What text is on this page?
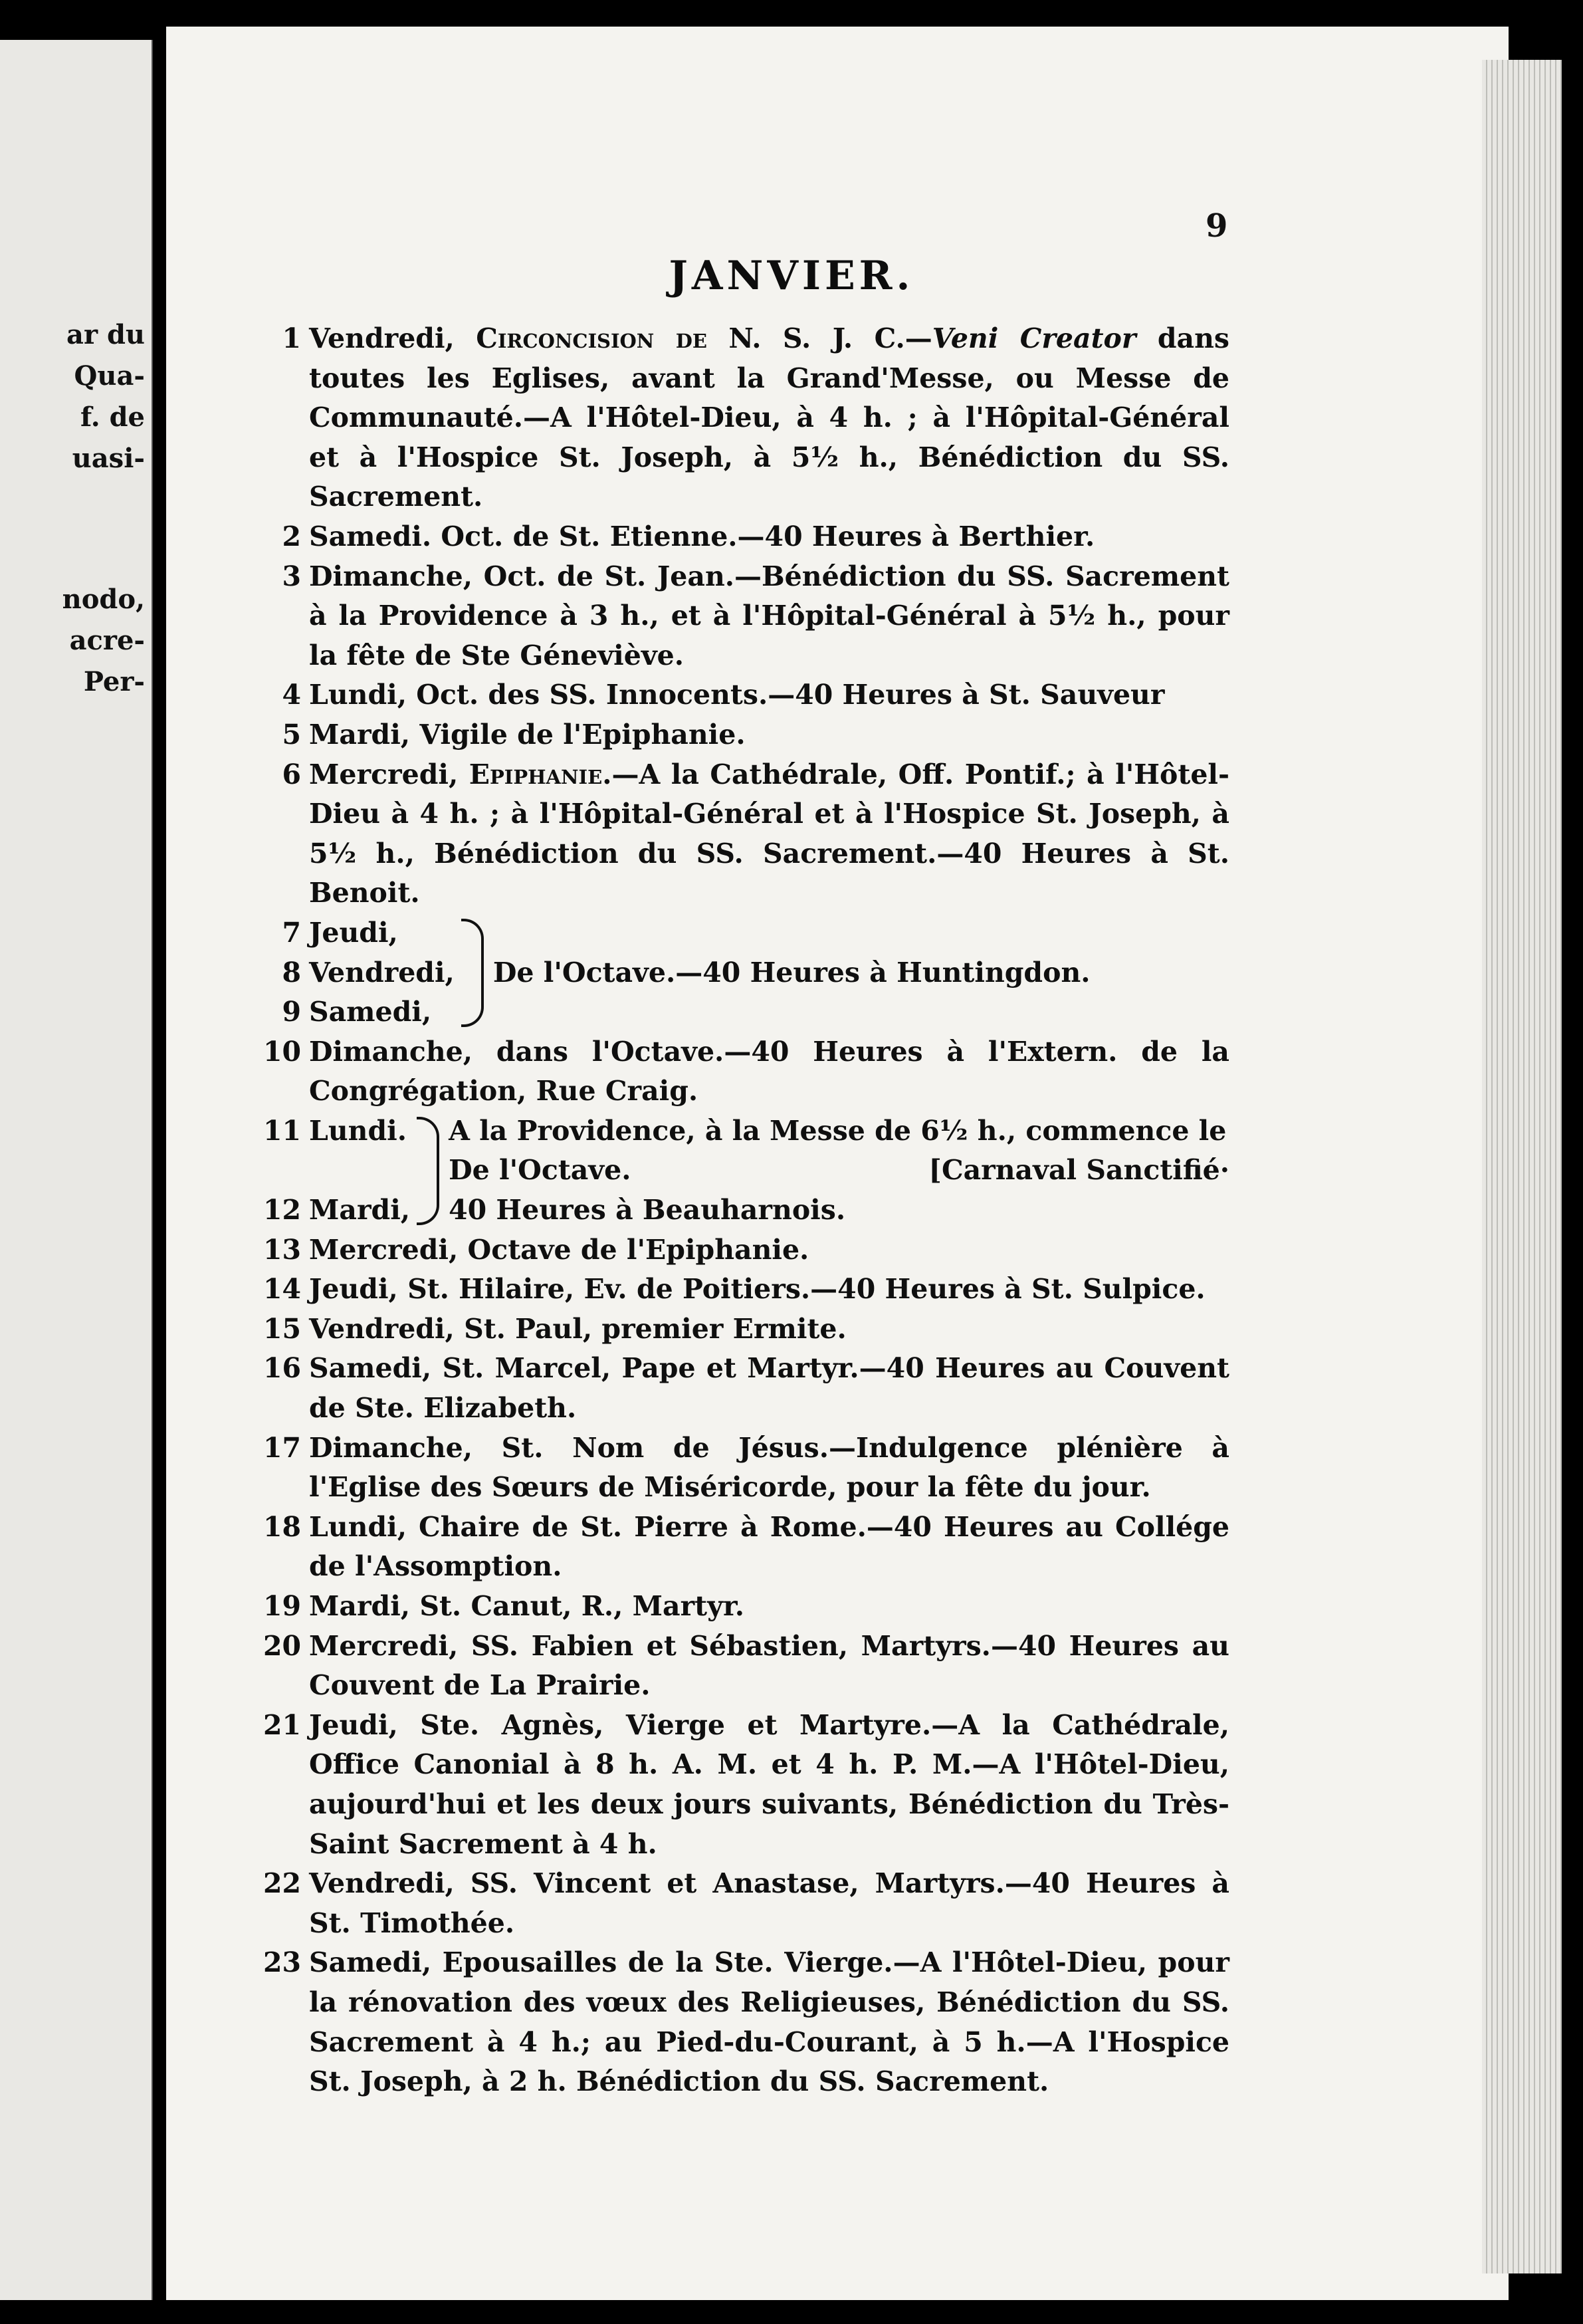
ar du
Qua-
f. de
uasi-
nodo,
acre-
Per-
9
JANVIER.
1 Vendredi, Circoncision de N. S. J. C.—Veni Creator dans toutes les Eglises, avant la Grand'Messe, ou Messe de Communauté.—A l'Hôtel-Dieu, à 4 h. ; à l'Hôpital-Général et à l'Hospice St. Joseph, à 5½ h., Bénédiction du SS. Sacrement.
2 Samedi. Oct. de St. Etienne.—40 Heures à Berthier.
3 Dimanche, Oct. de St. Jean.—Bénédiction du SS. Sacrement à la Providence à 3 h., et à l'Hôpital-Général à 5½ h., pour la fête de Ste Géneviève.
4 Lundi, Oct. des SS. Innocents.—40 Heures à St. Sauveur
5 Mardi, Vigile de l'Epiphanie.
6 Mercredi, Epiphanie.—A la Cathédrale, Off. Pontif.; à l'Hôtel-Dieu à 4 h. ; à l'Hôpital-Général et à l'Hospice St. Joseph, à 5½ h., Bénédiction du SS. Sacrement.—40 Heures à St. Benoit.
7 Jeudi,
8 Vendredi,
9 Samedi,
De l'Octave.—40 Heures à Huntingdon.
10 Dimanche, dans l'Octave.—40 Heures à l'Extern. de la Congrégation, Rue Craig.
11 Lundi.
12 Mardi,
A la Providence, à la Messe de 6½ h., commence le
De l'Octave.	[Carnaval Sanctifié·
40 Heures à Beauharnois.
13 Mercredi, Octave de l'Epiphanie.
14 Jeudi, St. Hilaire, Ev. de Poitiers.—40 Heures à St. Sulpice.
15 Vendredi, St. Paul, premier Ermite.
16 Samedi, St. Marcel, Pape et Martyr.—40 Heures au Couvent de Ste. Elizabeth.
17 Dimanche, St. Nom de Jésus.—Indulgence plénière à l'Eglise des Sœurs de Miséricorde, pour la fête du jour.
18 Lundi, Chaire de St. Pierre à Rome.—40 Heures au Collége de l'Assomption.
19 Mardi, St. Canut, R., Martyr.
20 Mercredi, SS. Fabien et Sébastien, Martyrs.—40 Heures au Couvent de La Prairie.
21 Jeudi, Ste. Agnès, Vierge et Martyre.—A la Cathédrale, Office Canonial à 8 h. A. M. et 4 h. P. M.—A l'Hôtel-Dieu, aujourd'hui et les deux jours suivants, Bénédiction du Très-Saint Sacrement à 4 h.
22 Vendredi, SS. Vincent et Anastase, Martyrs.—40 Heures à St. Timothée.
23 Samedi, Epousailles de la Ste. Vierge.—A l'Hôtel-Dieu, pour la rénovation des vœux des Religieuses, Bénédiction du SS. Sacrement à 4 h.; au Pied-du-Courant, à 5 h.—A l'Hospice St. Joseph, à 2 h. Bénédiction du SS. Sacrement.
